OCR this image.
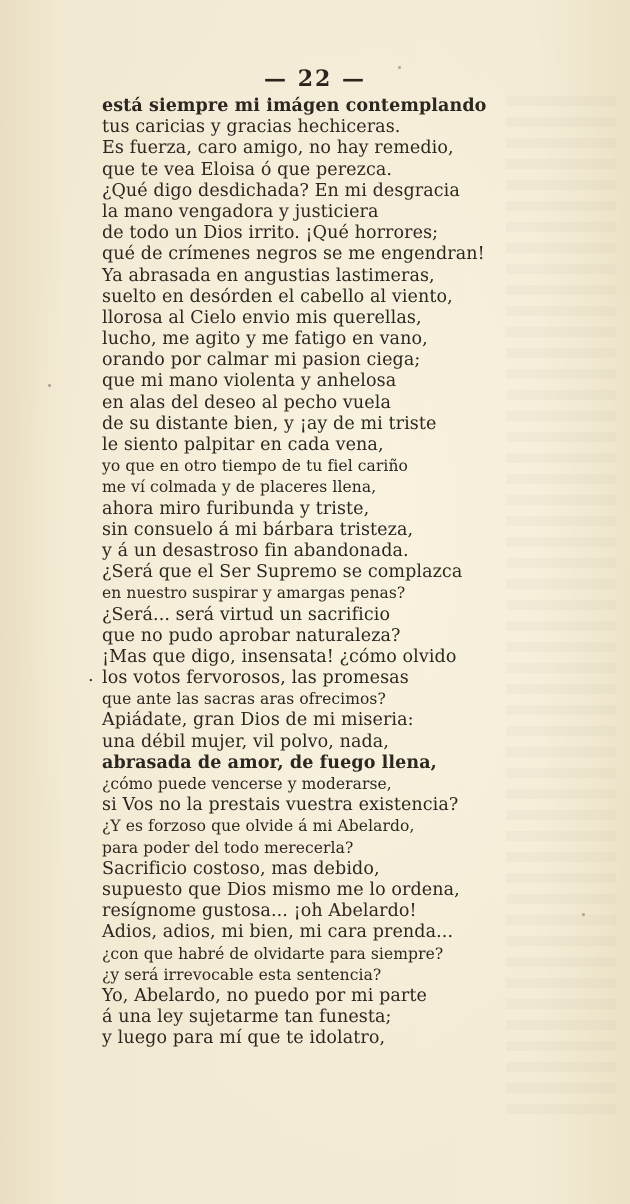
— 22 —
.
está siempre mi imágen contemplando
tus caricias y gracias hechiceras.
Es fuerza, caro amigo, no hay remedio,
que te vea Eloisa ó que perezca.
¿Qué digo desdichada? En mi desgracia
la mano vengadora y justiciera
de todo un Dios irrito. ¡Qué horrores;
qué de crímenes negros se me engendran!
Ya abrasada en angustias lastimeras,
suelto en desórden el cabello al viento,
llorosa al Cielo envio mis querellas,
lucho, me agito y me fatigo en vano,
orando por calmar mi pasion ciega;
que mi mano violenta y anhelosa
en alas del deseo al pecho vuela
de su distante bien, y ¡ay de mi triste
le siento palpitar en cada vena,
yo que en otro tiempo de tu fiel cariño
me ví colmada y de placeres llena,
ahora miro furibunda y triste,
sin consuelo á mi bárbara tristeza,
y á un desastroso fin abandonada.
¿Será que el Ser Supremo se complazca
en nuestro suspirar y amargas penas?
¿Será... será virtud un sacrificio
que no pudo aprobar naturaleza?
¡Mas que digo, insensata! ¿cómo olvido
los votos fervorosos, las promesas
que ante las sacras aras ofrecimos?
Apiádate, gran Dios de mi miseria:
una débil mujer, vil polvo, nada,
abrasada de amor, de fuego llena,
¿cómo puede vencerse y moderarse,
si Vos no la prestais vuestra existencia?
¿Y es forzoso que olvide á mi Abelardo,
para poder del todo merecerla?
Sacrificio costoso, mas debido,
supuesto que Dios mismo me lo ordena,
resígnome gustosa... ¡oh Abelardo!
Adios, adios, mi bien, mi cara prenda...
¿con que habré de olvidarte para siempre?
¿y será irrevocable esta sentencia?
Yo, Abelardo, no puedo por mi parte
á una ley sujetarme tan funesta;
y luego para mí que te idolatro,
